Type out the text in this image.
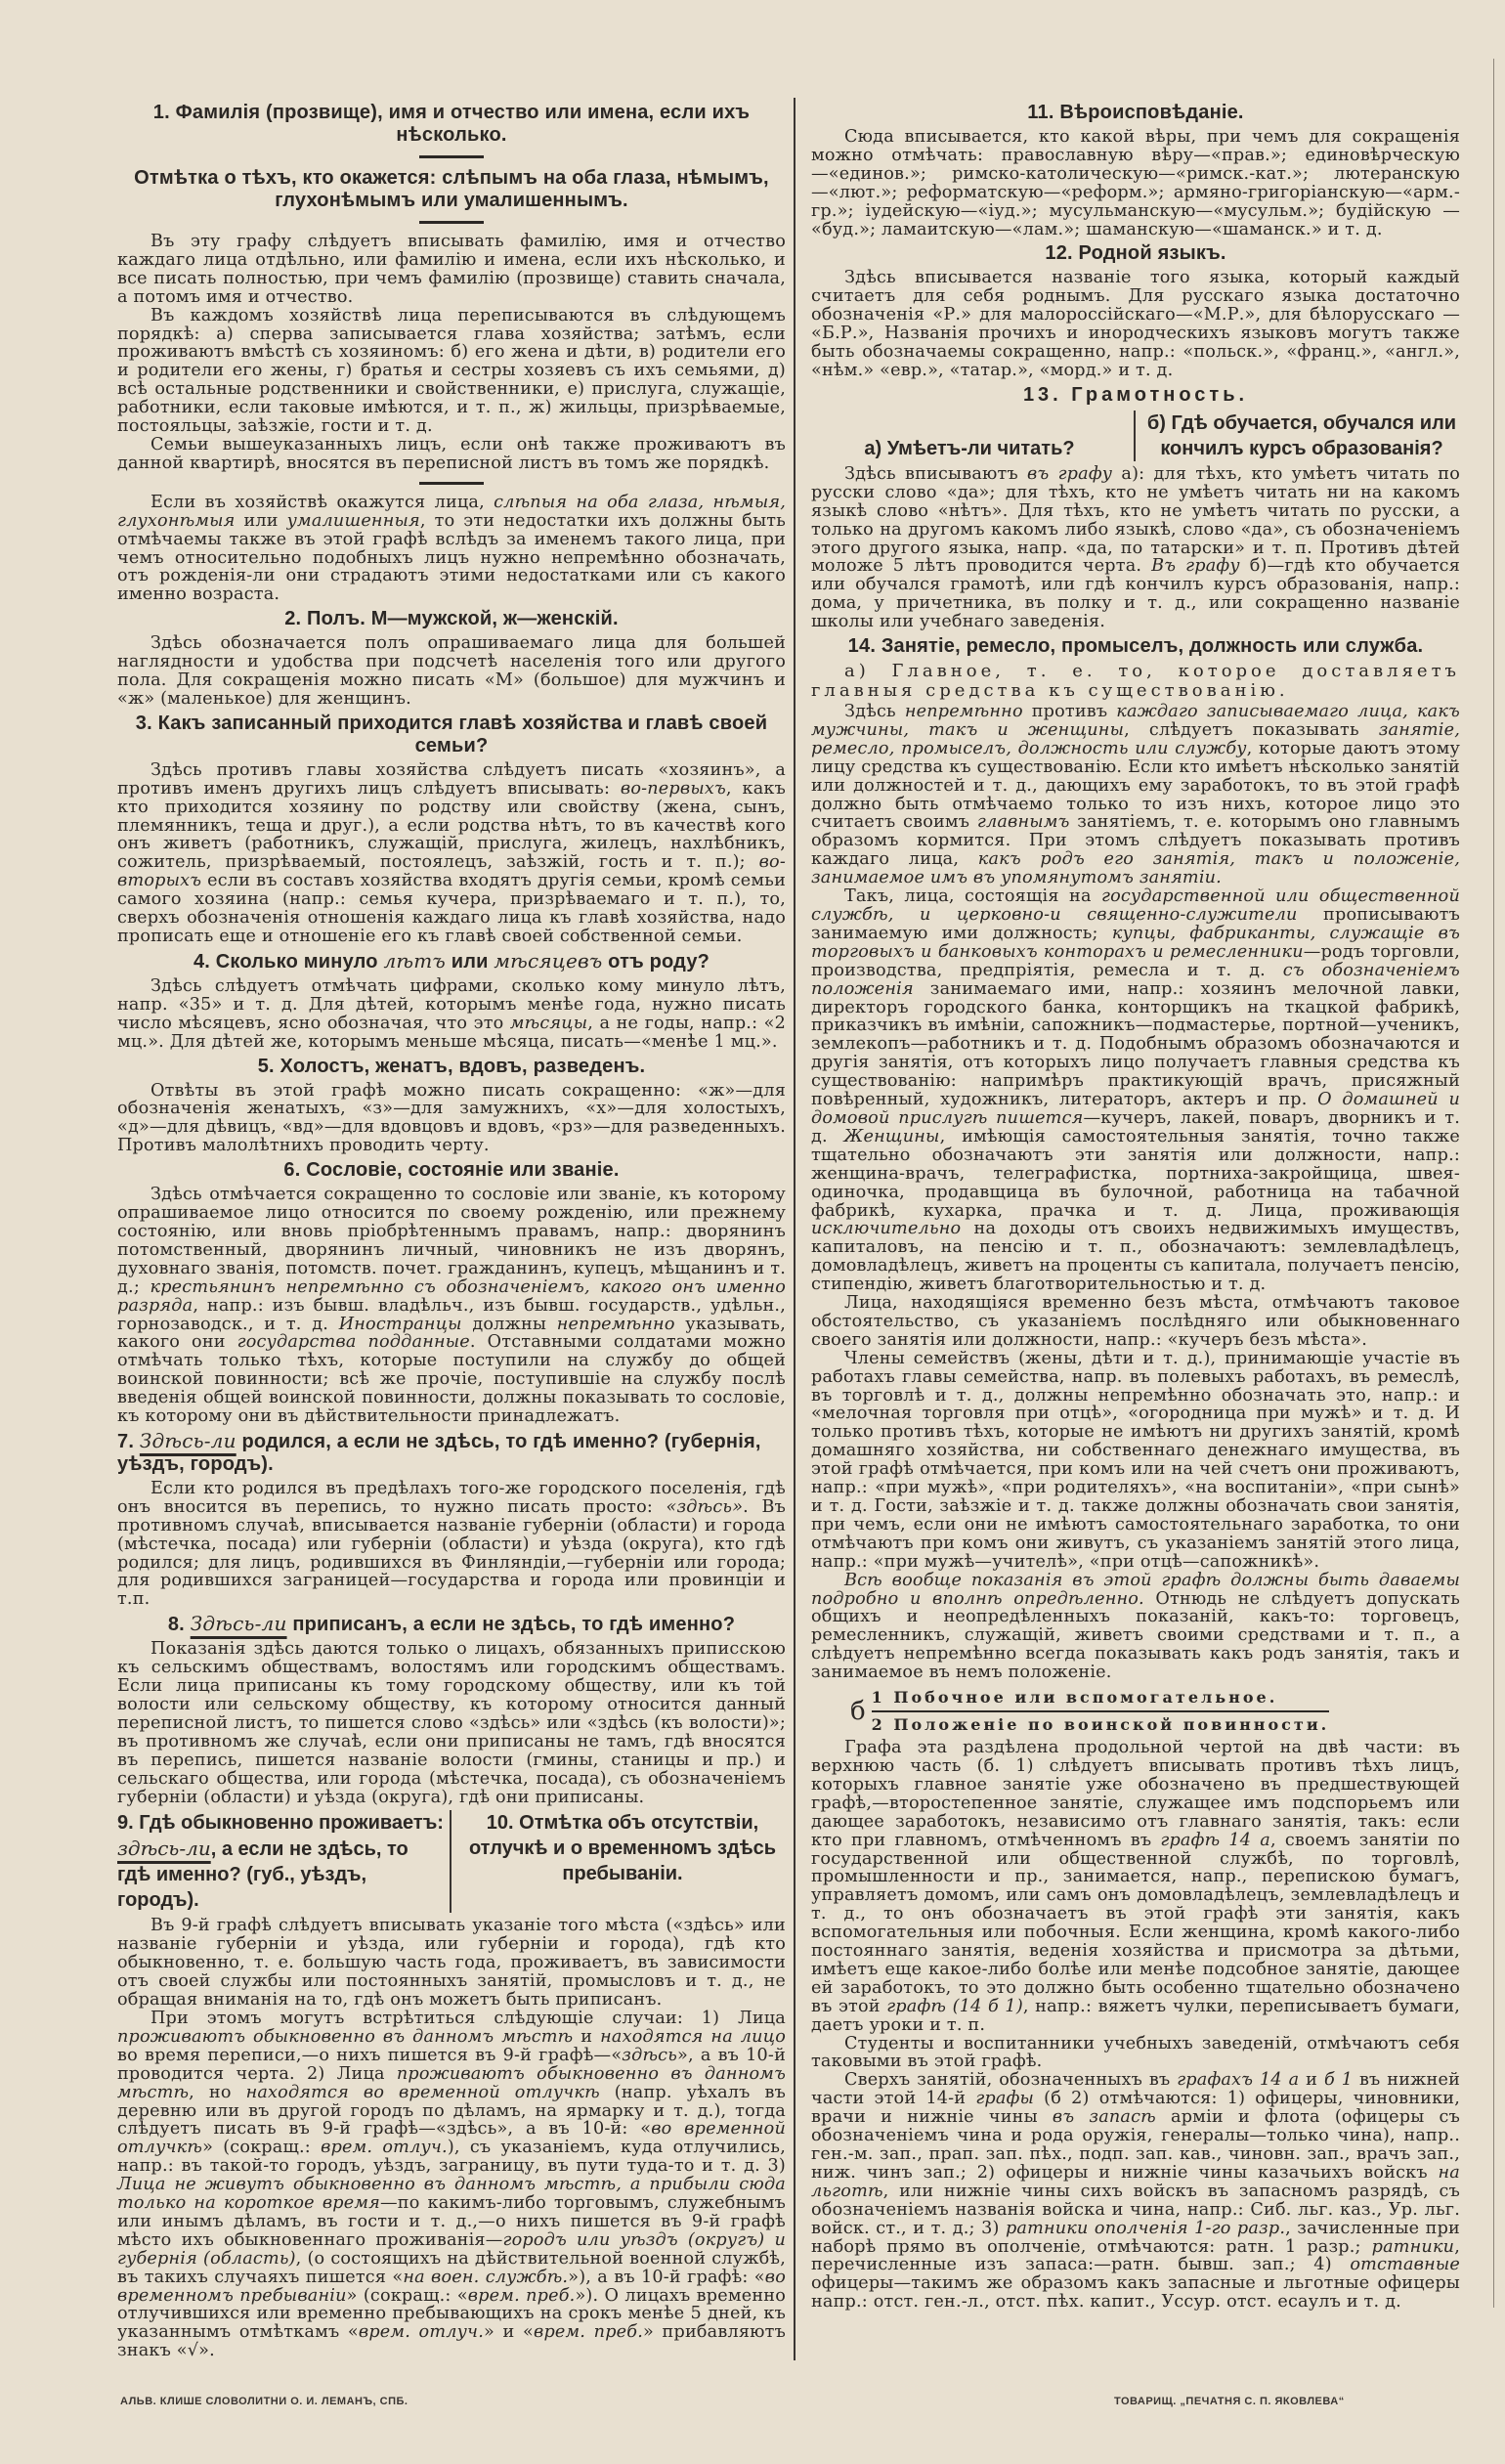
1. Фамилія (прозвище), имя и отчество или имена, если ихъ нѣсколько.
Отмѣтка о тѣхъ, кто окажется: слѣпымъ на оба глаза, нѣмымъ, глухонѣмымъ или умалишеннымъ.

Въ эту графу слѣдуетъ вписывать фамилію, имя и отчество каждаго лица отдѣльно, или фамилію и имена, если ихъ нѣсколько, и все писать полностью, при чемъ фамилію (прозвище) ставить сначала, а потомъ имя и отчество.

Въ каждомъ хозяйствѣ лица переписываются въ слѣдующемъ порядкѣ: а) сперва записывается глава хозяйства; затѣмъ, если проживаютъ вмѣстѣ съ хозяиномъ: б) его жена и дѣти, в) родители его и родители его жены, г) братья и сестры хозяевъ съ ихъ семьями, д) всѣ остальные родственники и свойственники, е) прислуга, служащіе, работники, если таковые имѣются, и т. п., ж) жильцы, призрѣваемые, постояльцы, заѣзжіе, гости и т. д.

Семьи вышеуказанныхъ лицъ, если онѣ также проживаютъ въ данной квартирѣ, вносятся въ переписной листъ въ томъ же порядкѣ.

Если въ хозяйствѣ окажутся лица, слѣпыя на оба глаза, нѣмыя, глухонѣмыя или умалишенныя, то эти недостатки ихъ должны быть отмѣчаемы также въ этой графѣ вслѣдъ за именемъ такого лица, при чемъ относительно подобныхъ лицъ нужно непремѣнно обозначать, отъ рожденія-ли они страдаютъ этими недостатками или съ какого именно возраста.

2. Полъ. М—мужской, ж—женскій.

Здѣсь обозначается полъ опрашиваемаго лица для большей наглядности и удобства при подсчетѣ населенія того или другого пола. Для сокращенія можно писать «М» (большое) для мужчинъ и «ж» (маленькое) для женщинъ.

3. Какъ записанный приходится главѣ хозяйства и главѣ своей семьи?

Здѣсь противъ главы хозяйства слѣдуетъ писать «хозяинъ», а противъ именъ другихъ лицъ слѣдуетъ вписывать: во-первыхъ, какъ кто приходится хозяину по родству или свойству (жена, сынъ, племянникъ, теща и друг.), а если родства нѣтъ, то въ качествѣ кого онъ живетъ (работникъ, служащій, прислуга, жилецъ, нахлѣбникъ, сожитель, призрѣваемый, постоялецъ, заѣзжій, гость и т. п.); во-вторыхъ если въ составъ хозяйства входятъ другія семьи, кромѣ семьи самого хозяина (напр.: семья кучера, призрѣваемаго и т. п.), то, сверхъ обозначенія отношенія каждаго лица къ главѣ хозяйства, надо прописать еще и отношеніе его къ главѣ своей собственной семьи.

4. Сколько минуло лѣтъ или мѣсяцевъ отъ роду?

Здѣсь слѣдуетъ отмѣчать цифрами, сколько кому минуло лѣтъ, напр. «35» и т. д. Для дѣтей, которымъ менѣе года, нужно писать число мѣсяцевъ, ясно обозначая, что это мѣсяцы, а не годы, напр.: «2 мц.». Для дѣтей же, которымъ меньше мѣсяца, писать—«менѣе 1 мц.».

5. Холостъ, женатъ, вдовъ, разведенъ.

Отвѣты въ этой графѣ можно писать сокращенно: «ж»—для обозначенія женатыхъ, «з»—для замужнихъ, «х»—для холостыхъ, «д»—для дѣвицъ, «вд»—для вдовцовъ и вдовъ, «рз»—для разведенныхъ. Противъ малолѣтнихъ проводить черту.

6. Сословіе, состояніе или званіе.

Здѣсь отмѣчается сокращенно то сословіе или званіе, къ которому опрашиваемое лицо относится по своему рожденію, или прежнему состоянію, или вновь пріобрѣтеннымъ правамъ, напр.: дворянинъ потомственный, дворянинъ личный, чиновникъ не изъ дворянъ, духовнаго званія, потомств. почет. гражданинъ, купецъ, мѣщанинъ и т. д.; крестьянинъ непремѣнно съ обозначеніемъ, какого онъ именно разряда, напр.: изъ бывш. владѣльч., изъ бывш. государств., удѣльн., горнозаводск., и т. д. Иностранцы должны непремѣнно указывать, какого они государства подданные. Отставными солдатами можно отмѣчать только тѣхъ, которые поступили на службу до общей воинской повинности; всѣ же прочіе, поступившіе на службу послѣ введенія общей воинской повинности, должны показывать то сословіе, къ которому они въ дѣйствительности принадлежатъ.

7. Здѣсь-ли родился, а если не здѣсь, то гдѣ именно? (губернія, уѣздъ, городъ).

Если кто родился въ предѣлахъ того-же городского поселенія, гдѣ онъ вносится въ перепись, то нужно писать просто: «здѣсь». Въ противномъ случаѣ, вписывается названіе губерніи (области) и города (мѣстечка, посада) или губерніи (области) и уѣзда (округа), кто гдѣ родился; для лицъ, родившихся въ Финляндіи,—губерніи или города; для родившихся заграницей—государства и города или провинціи и т.п.

8. Здѣсь-ли приписанъ, а если не здѣсь, то гдѣ именно?

Показанія здѣсь даются только о лицахъ, обязанныхъ приписскою къ сельскимъ обществамъ, волостямъ или городскимъ обществамъ. Если лица приписаны къ тому городскому обществу, или къ той волости или сельскому обществу, къ которому относится данный переписной листъ, то пишется слово «здѣсь» или «здѣсь (къ волости)»; въ противномъ же случаѣ, если они приписаны не тамъ, гдѣ вносятся въ перепись, пишется названіе волости (гмины, станицы и пр.) и сельскаго общества, или города (мѣстечка, посада), съ обозначеніемъ губерніи (области) и уѣзда (округа), гдѣ они приписаны.

9. Гдѣ обыкновенно проживаетъ: здѣсь-ли, а если не здѣсь, то гдѣ именно? (губ., уѣздъ, городъ).
10. Отмѣтка объ отсутствіи, отлучкѣ и о временномъ здѣсь пребываніи.

Въ 9-й графѣ слѣдуетъ вписывать указаніе того мѣста («здѣсь» или названіе губерніи и уѣзда, или губерніи и города), гдѣ кто обыкновенно, т. е. большую часть года, проживаетъ, въ зависимости отъ своей службы или постоянныхъ занятій, промысловъ и т. д., не обращая вниманія на то, гдѣ онъ можетъ быть приписанъ.

При этомъ могутъ встрѣтиться слѣдующіе случаи: 1) Лица проживаютъ обыкновенно въ данномъ мѣстѣ и находятся на лицо во время переписи,—о нихъ пишется въ 9-й графѣ—«здѣсь», а въ 10-й проводится черта. 2) Лица проживаютъ обыкновенно въ данномъ мѣстѣ, но находятся во временной отлучкѣ (напр. уѣхалъ въ деревню или въ другой городъ по дѣламъ, на ярмарку и т. д.), тогда слѣдуетъ писать въ 9-й графѣ—«здѣсь», а въ 10-й: «во временной отлучкѣ» (сокращ.: врем. отлуч.), съ указаніемъ, куда отлучились, напр.: въ такой-то городъ, уѣздъ, заграницу, въ пути туда-то и т. д. 3) Лица не живутъ обыкновенно въ данномъ мѣстѣ, а прибыли сюда только на короткое время—по какимъ-либо торговымъ, служебнымъ или инымъ дѣламъ, въ гости и т. д.,—о нихъ пишется въ 9-й графѣ мѣсто ихъ обыкновеннаго проживанія—городъ или уѣздъ (округъ) и губернія (область), (о состоящихъ на дѣйствительной военной службѣ, въ такихъ случаяхъ пишется «на воен. службѣ.»), а въ 10-й графѣ: «во временномъ пребываніи» (сокращ.: «врем. преб.»). О лицахъ временно отлучившихся или временно пребывающихъ на срокъ менѣе 5 дней, къ указаннымъ отмѣткамъ «врем. отлуч.» и «врем. преб.» прибавляютъ знакъ «√».

11. Вѣроисповѣданіе.

Сюда вписывается, кто какой вѣры, при чемъ для сокращенія можно отмѣчать: православную вѣру—«прав.»; единовѣрческую—«единов.»; римско-католическую—«римск.-кат.»; лютеранскую—«лют.»; реформатскую—«реформ.»; армяно-григоріанскую—«арм.-гр.»; іудейскую—«іуд.»; мусульманскую—«мусульм.»; будійскую — «буд.»; ламаитскую—«лам.»; шаманскую—«шаманск.» и т. д.

12. Родной языкъ.

Здѣсь вписывается названіе того языка, который каждый считаетъ для себя роднымъ. Для русскаго языка достаточно обозначенія «Р.» для малороссійскаго—«М.Р.», для бѣлорусскаго — «Б.Р.», Названія прочихъ и инородческихъ языковъ могутъ также быть обозначаемы сокращенно, напр.: «польск.», «франц.», «англ.», «нѣм.» «евр.», «татар.», «морд.» и т. д.

13. Грамотность.
а) Умѣетъ-ли читать?
б) Гдѣ обучается, обучался или кончилъ курсъ образованія?

Здѣсь вписываютъ въ графу а): для тѣхъ, кто умѣетъ читать по русски слово «да»; для тѣхъ, кто не умѣетъ читать ни на какомъ языкѣ слово «нѣтъ». Для тѣхъ, кто не умѣетъ читать по русски, а только на другомъ какомъ либо языкѣ, слово «да», съ обозначеніемъ этого другого языка, напр. «да, по татарски» и т. п. Противъ дѣтей моложе 5 лѣтъ проводится черта. Въ графу б)—гдѣ кто обучается или обучался грамотѣ, или гдѣ кончилъ курсъ образованія, напр.: дома, у причетника, въ полку и т. д., или сокращенно названіе школы или учебнаго заведенія.

14. Занятіе, ремесло, промыселъ, должность или служба.
а) Главное, т. е. то, которое доставляетъ главныя средства къ существованію.

Здѣсь непремѣнно противъ каждаго записываемаго лица, какъ мужчины, такъ и женщины, слѣдуетъ показывать занятіе, ремесло, промыселъ, должность или службу, которые даютъ этому лицу средства къ существованію. Если кто имѣетъ нѣсколько занятій или должностей и т. д., дающихъ ему заработокъ, то въ этой графѣ должно быть отмѣчаемо только то изъ нихъ, которое лицо это считаетъ своимъ главнымъ занятіемъ, т. е. которымъ оно главнымъ образомъ кормится. При этомъ слѣдуетъ показывать противъ каждаго лица, какъ родъ его занятія, такъ и положеніе, занимаемое имъ въ упомянутомъ занятіи.

Такъ, лица, состоящія на государственной или общественной службѣ, и церковно-и священно-служители прописываютъ занимаемую ими должность; купцы, фабриканты, служащіе въ торговыхъ и банковыхъ конторахъ и ремесленники—родъ торговли, производства, предпріятія, ремесла и т. д. съ обозначеніемъ положенія занимаемаго ими, напр.: хозяинъ мелочной лавки, директоръ городского банка, конторщикъ на ткацкой фабрикѣ, приказчикъ въ имѣніи, сапожникъ—подмастерье, портной—ученикъ, землекопъ—работникъ и т. д. Подобнымъ образомъ обозначаются и другія занятія, отъ которыхъ лицо получаетъ главныя средства къ существованію: напримѣръ практикующій врачъ, присяжный повѣренный, художникъ, литераторъ, актеръ и пр. О домашней и домовой прислугѣ пишется—кучеръ, лакей, поваръ, дворникъ и т. д. Женщины, имѣющія самостоятельныя занятія, точно также тщательно обозначаютъ эти занятія или должности, напр.: женщина-врачъ, телеграфистка, портниха-закройщица, швея-одиночка, продавщица въ булочной, работница на табачной фабрикѣ, кухарка, прачка и т. д. Лица, проживающія исключительно на доходы отъ своихъ недвижимыхъ имуществъ, капиталовъ, на пенсію и т. п., обозначаютъ: землевладѣлецъ, домовладѣлецъ, живетъ на проценты съ капитала, получаетъ пенсію, стипендію, живетъ благотворительностью и т. д.

Лица, находящіяся временно безъ мѣста, отмѣчаютъ таковое обстоятельство, съ указаніемъ послѣдняго или обыкновеннаго своего занятія или должности, напр.: «кучеръ безъ мѣста».

Члены семействъ (жены, дѣти и т. д.), принимающіе участіе въ работахъ главы семейства, напр. въ полевыхъ работахъ, въ ремеслѣ, въ торговлѣ и т. д., должны непремѣнно обозначать это, напр.: и «мелочная торговля при отцѣ», «огородница при мужѣ» и т. д. И только противъ тѣхъ, которые не имѣютъ ни другихъ занятій, кромѣ домашняго хозяйства, ни собственнаго денежнаго имущества, въ этой графѣ отмѣчается, при комъ или на чей счетъ они проживаютъ, напр.: «при мужѣ», «при родителяхъ», «на воспитаніи», «при сынѣ» и т. д. Гости, заѣзжіе и т. д. также должны обозначать свои занятія, при чемъ, если они не имѣютъ самостоятельнаго заработка, то они отмѣчаютъ при комъ они живутъ, съ указаніемъ занятій этого лица, напр.: «при мужѣ—учителѣ», «при отцѣ—сапожникѣ».

Всѣ вообще показанія въ этой графѣ должны быть даваемы подробно и вполнѣ опредѣленно. Отнюдь не слѣдуетъ допускать общихъ и неопредѣленныхъ показаній, какъ-то: торговецъ, ремесленникъ, служащій, живетъ своими средствами и т. п., а слѣдуетъ непремѣнно всегда показывать какъ родъ занятія, такъ и занимаемое въ немъ положеніе.

б 1 Побочное или вспомогательное.
2 Положеніе по воинской повинности.

Графа эта раздѣлена продольной чертой на двѣ части: въ верхнюю часть (б. 1) слѣдуетъ вписывать противъ тѣхъ лицъ, которыхъ главное занятіе уже обозначено въ предшествующей графѣ,—второстепенное занятіе, служащее имъ подспорьемъ или дающее заработокъ, независимо отъ главнаго занятія, такъ: если кто при главномъ, отмѣченномъ въ графѣ 14 а, своемъ занятіи по государственной или общественной службѣ, по торговлѣ, промышленности и пр., занимается, напр., перепискою бумагъ, управляетъ домомъ, или самъ онъ домовладѣлецъ, землевладѣлецъ и т. д., то онъ обозначаетъ въ этой графѣ эти занятія, какъ вспомогательныя или побочныя. Если женщина, кромѣ какого-либо постояннаго занятія, веденія хозяйства и присмотра за дѣтьми, имѣетъ еще какое-либо болѣе или менѣе подсобное занятіе, дающее ей заработокъ, то это должно быть особенно тщательно обозначено въ этой графѣ (14 б 1), напр.: вяжетъ чулки, переписываетъ бумаги, даетъ уроки и т. п.

Студенты и воспитанники учебныхъ заведеній, отмѣчаютъ себя таковыми въ этой графѣ.

Сверхъ занятій, обозначенныхъ въ графахъ 14 а и б 1 въ нижней части этой 14-й графы (б 2) отмѣчаются: 1) офицеры, чиновники, врачи и нижніе чины въ запасѣ арміи и флота (офицеры съ обозначеніемъ чина и рода оружія, генералы—только чина), напр.. ген.-м. зап., прап. зап. пѣх., подп. зап. кав., чиновн. зап., врачъ зап., ниж. чинъ зап.; 2) офицеры и нижніе чины казачьихъ войскъ на льготѣ, или нижніе чины сихъ войскъ въ запасномъ разрядѣ, съ обозначеніемъ названія войска и чина, напр.: Сиб. льг. каз., Ур. льг. войск. ст., и т. д.; 3) ратники ополченія 1-го разр., зачисленные при наборѣ прямо въ ополченіе, отмѣчаются: ратн. 1 разр.; ратники, перечисленные изъ запаса:—ратн. бывш. зап.; 4) отставные офицеры—такимъ же образомъ какъ запасные и льготные офицеры напр.: отст. ген.-л., отст. пѣх. капит., Уссур. отст. есаулъ и т. д.

АЛЬВ. КЛИШЕ СЛОВОЛИТНИ О. И. ЛЕМАНЪ, СПБ.	ТОВАРИЩ. „ПЕЧАТНЯ С. П. ЯКОВЛЕВА“
